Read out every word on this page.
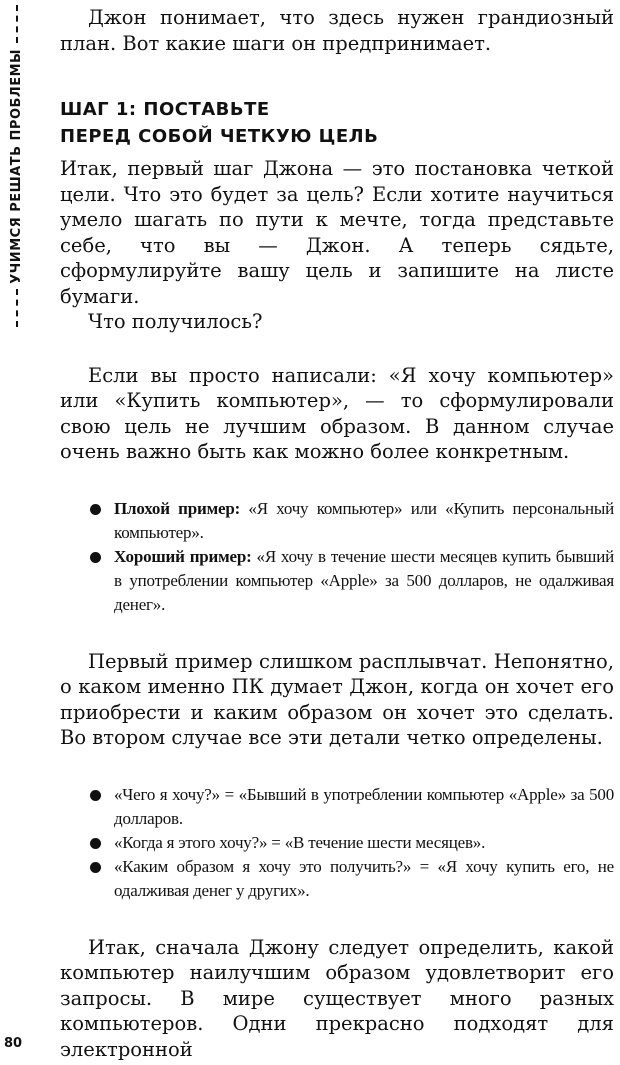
УЧИМСЯ РЕШАТЬ ПРОБЛЕМЫ

Джон понимает, что здесь нужен грандиозный план. Вот какие шаги он предпринимает.

ШАГ 1: ПОСТАВЬТЕ
ПЕРЕД СОБОЙ ЧЕТКУЮ ЦЕЛЬ

Итак, первый шаг Джона — это постановка четкой цели. Что это будет за цель? Если хотите научиться умело шагать по пути к мечте, тогда представьте себе, что вы — Джон. А теперь сядьте, сформулируйте вашу цель и запишите на листе бумаги.

Что получилось?

Если вы просто написали: «Я хочу компьютер» или «Купить компьютер», — то сформулировали свою цель не лучшим образом. В данном случае очень важно быть как можно более конкретным.

Плохой пример: «Я хочу компьютер» или «Купить персональный компьютер».
Хороший пример: «Я хочу в течение шести месяцев купить бывший в употреблении компьютер «Apple» за 500 долларов, не одалживая денег».

Первый пример слишком расплывчат. Непонятно, о каком именно ПК думает Джон, когда он хочет его приобрести и каким образом он хочет это сделать. Во втором случае все эти детали четко определены.

«Чего я хочу?» = «Бывший в употреблении компьютер «Apple» за 500 долларов.
«Когда я этого хочу?» = «В течение шести месяцев».
«Каким образом я хочу это получить?» = «Я хочу купить его, не одалживая денег у других».

Итак, сначала Джону следует определить, какой компьютер наилучшим образом удовлетворит его запросы. В мире существует много разных компьютеров. Одни прекрасно подходят для электронной

80
